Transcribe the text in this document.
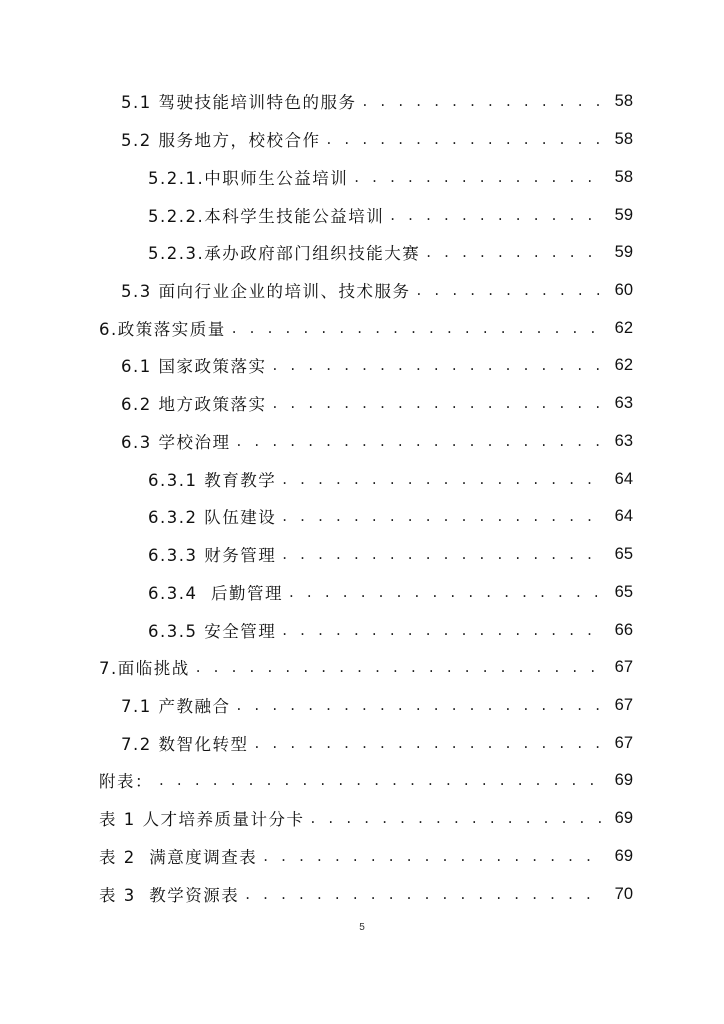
5.1 驾驶技能培训特色的服务 . . .	58
5.2 服务地方，校校合作 . . .	58
5.2.1.中职师生公益培训 . . .	58
5.2.2.本科学生技能公益培训 . . .	59
5.2.3.承办政府部门组织技能大赛 . . .	59
5.3 面向行业企业的培训、技术服务 . . .	60
6.政策落实质量 . . .	62
6.1 国家政策落实 . . .	62
6.2 地方政策落实 . . .	63
6.3 学校治理 . . .	63
6.3.1 教育教学 . . .	64
6.3.2 队伍建设 . . .	64
6.3.3 财务管理 . . .	65
6.3.4  后勤管理 . . .	65
6.3.5 安全管理 . . .	66
7.面临挑战 . . .	67
7.1 产教融合 . . .	67
7.2 数智化转型 . . .	67
附表： . . .	69
表 1 人才培养质量计分卡 . . .	69
表 2  满意度调查表 . . .	69
表 3  教学资源表 . . .	70
5
